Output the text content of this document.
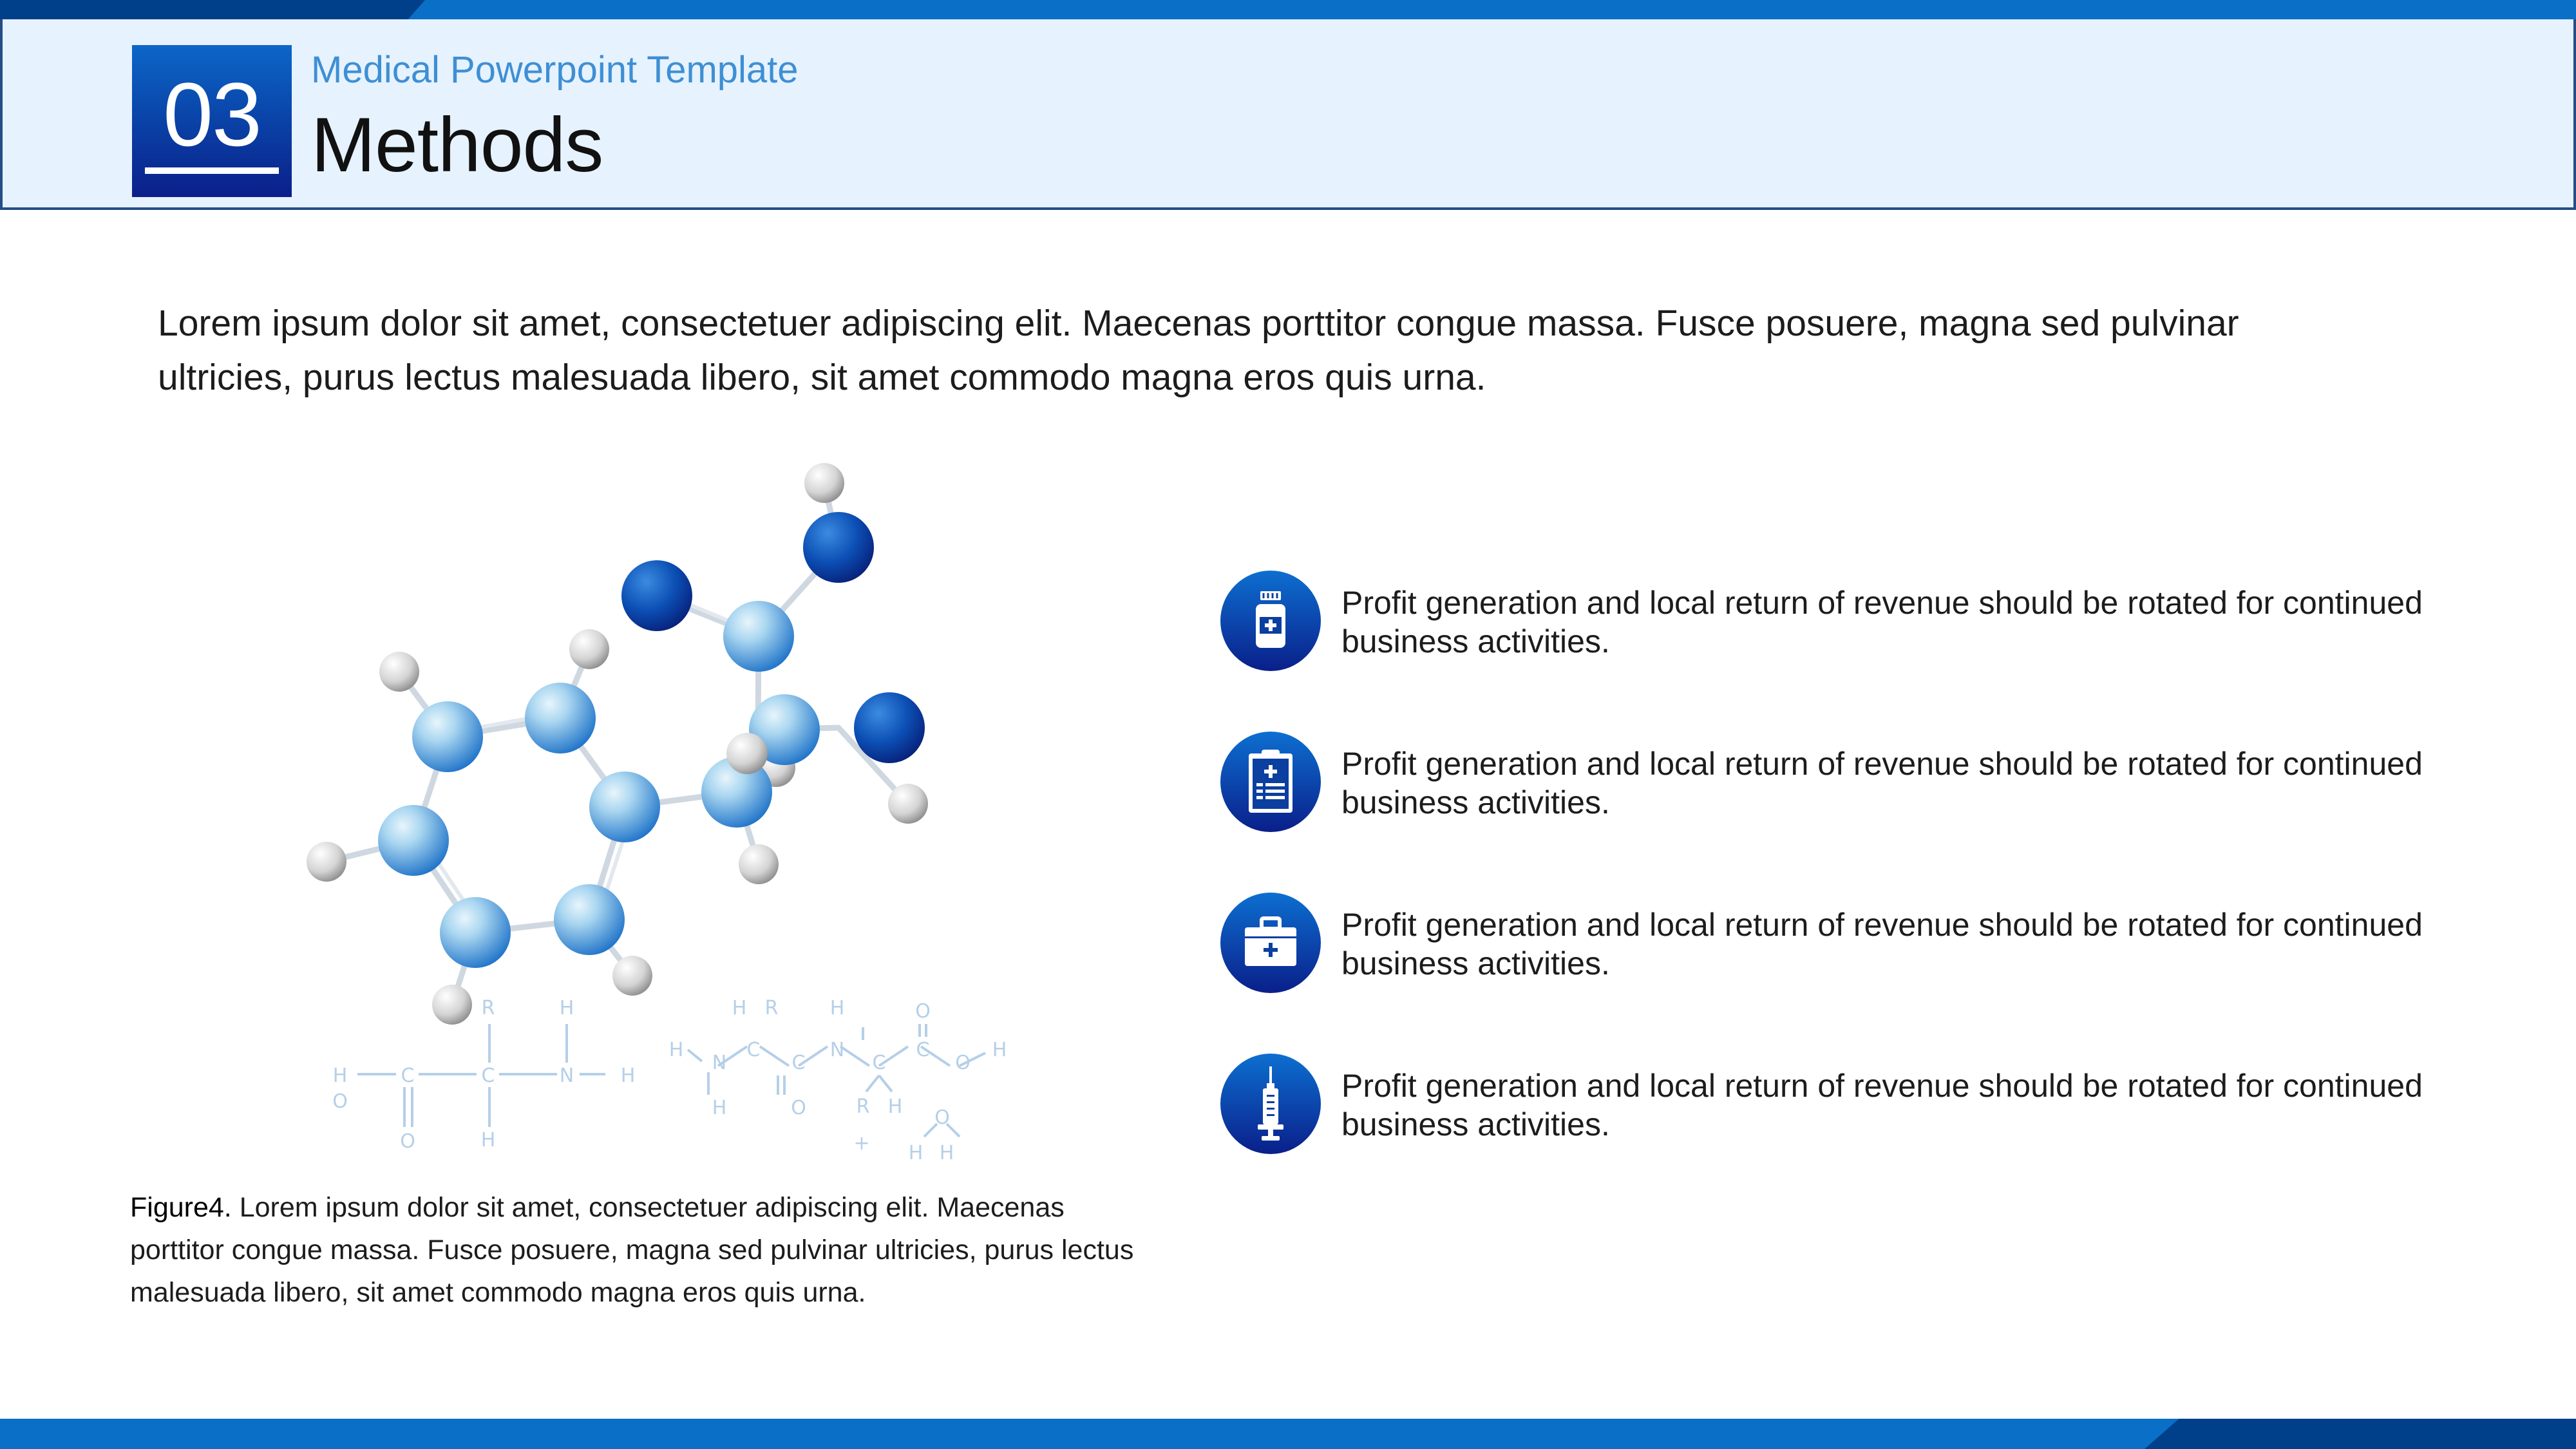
03	Medical Powerpoint Template
Methods
Lorem ipsum dolor sit amet, consectetuer adipiscing elit. Maecenas porttitor congue massa. Fusce posuere, magna sed pulvinar ultricies, purus lectus malesuada libero, sit amet commodo magna eros quis urna.
H
O
C
O
C
R
H
N
H
H
H
N
H
H R
C
C
O
H
N
C
R H
O
C
O
H
+
O
H H
Figure4. Lorem ipsum dolor sit amet, consectetuer adipiscing elit. Maecenas porttitor congue massa. Fusce posuere, magna sed pulvinar ultricies, purus lectus malesuada libero, sit amet commodo magna eros quis urna.
Profit generation and local return of revenue should be rotated for continued business activities.
Profit generation and local return of revenue should be rotated for continued business activities.
Profit generation and local return of revenue should be rotated for continued business activities.
Profit generation and local return of revenue should be rotated for continued business activities.
